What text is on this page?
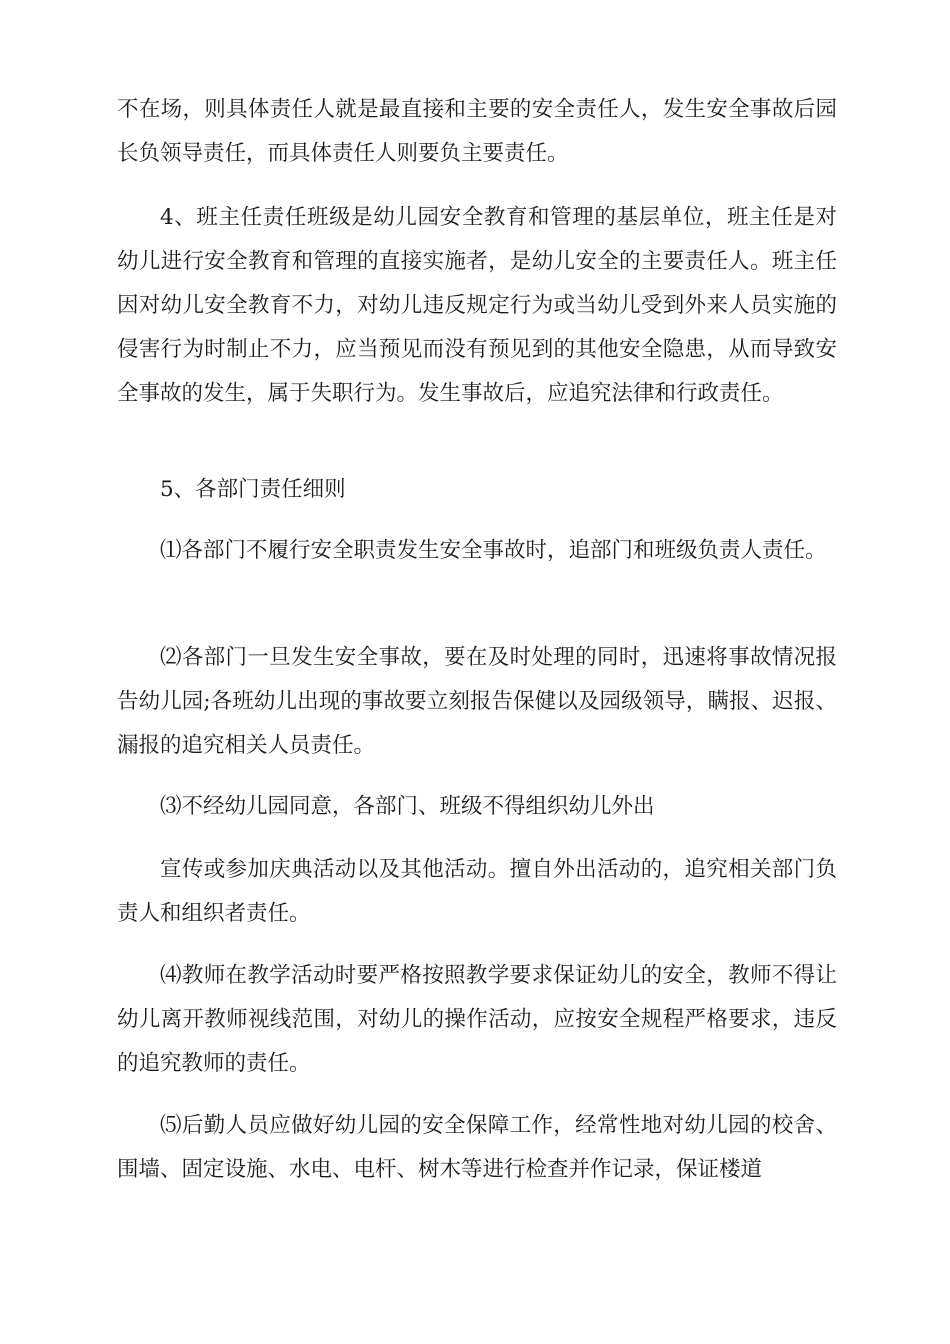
不在场，则具体责任人就是最直接和主要的安全责任人，发生安全事故后园长负领导责任，而具体责任人则要负主要责任。

4、班主任责任班级是幼儿园安全教育和管理的基层单位，班主任是对幼儿进行安全教育和管理的直接实施者，是幼儿安全的主要责任人。班主任因对幼儿安全教育不力，对幼儿违反规定行为或当幼儿受到外来人员实施的侵害行为时制止不力，应当预见而没有预见到的其他安全隐患，从而导致安全事故的发生，属于失职行为。发生事故后，应追究法律和行政责任。

5、各部门责任细则

⑴各部门不履行安全职责发生安全事故时，追部门和班级负责人责任。

⑵各部门一旦发生安全事故，要在及时处理的同时，迅速将事故情况报告幼儿园;各班幼儿出现的事故要立刻报告保健以及园级领导，瞒报、迟报、漏报的追究相关人员责任。

⑶不经幼儿园同意，各部门、班级不得组织幼儿外出

宣传或参加庆典活动以及其他活动。擅自外出活动的，追究相关部门负责人和组织者责任。

⑷教师在教学活动时要严格按照教学要求保证幼儿的安全，教师不得让幼儿离开教师视线范围，对幼儿的操作活动，应按安全规程严格要求，违反的追究教师的责任。

⑸后勤人员应做好幼儿园的安全保障工作，经常性地对幼儿园的校舍、围墙、固定设施、水电、电杆、树木等进行检查并作记录，保证楼道
